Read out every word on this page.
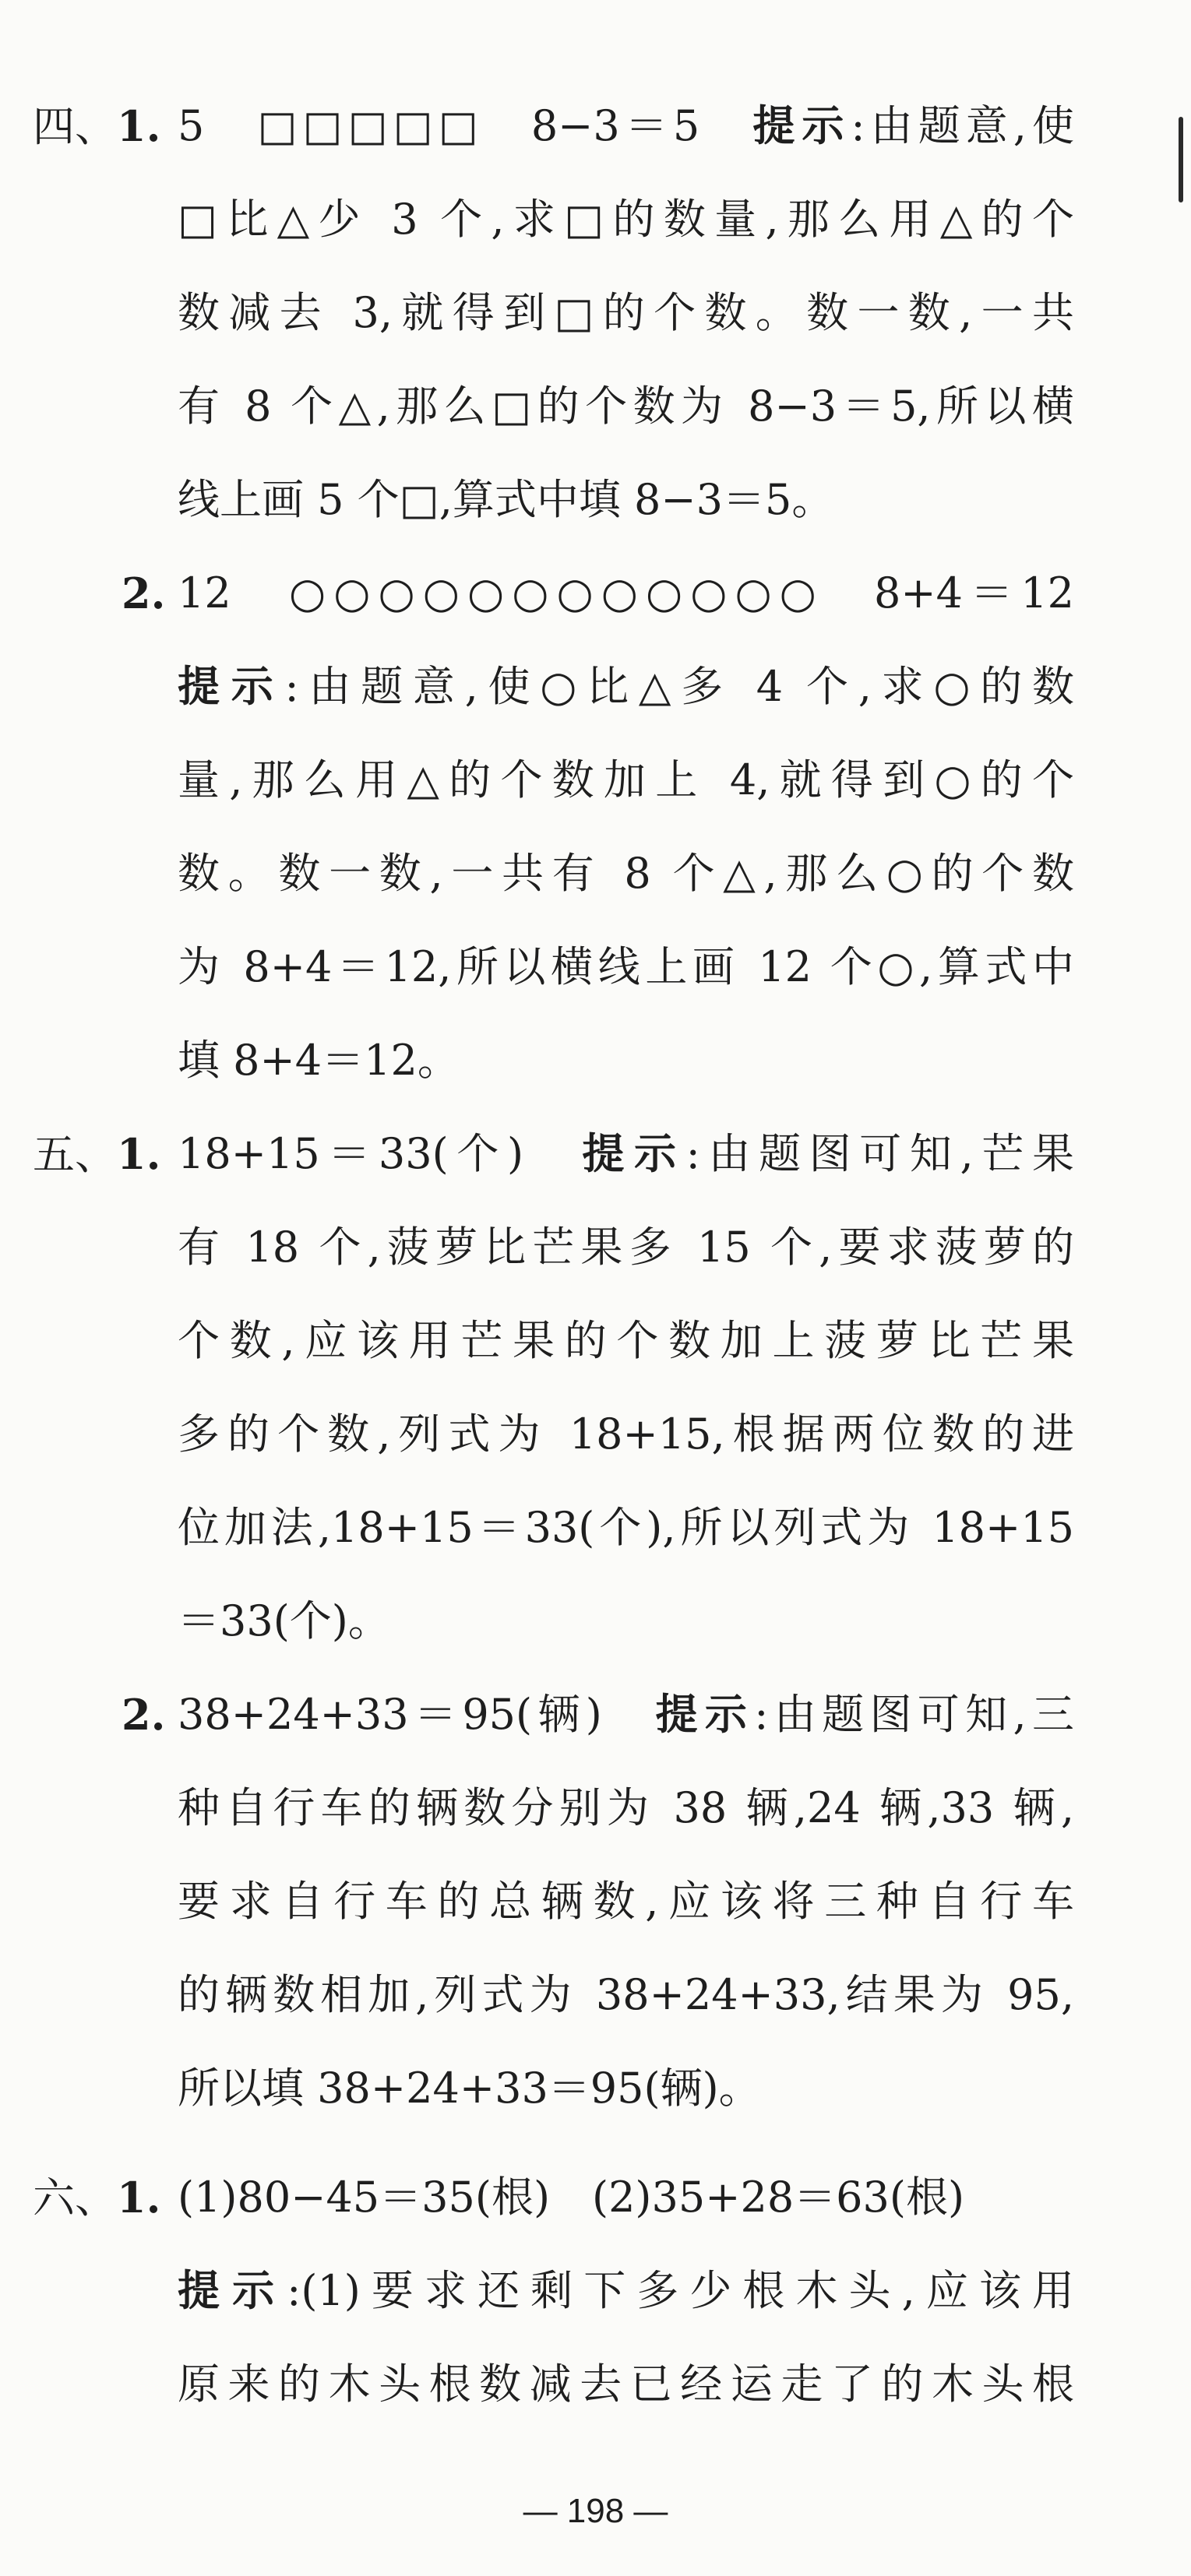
四、1. 5　□□□□□　8−3＝5　提示:由题意,使
□比△少 3 个,求□的数量,那么用△的个
数减去 3,就得到□的个数。数一数,一共
有 8 个△,那么□的个数为 8−3＝5,所以横
线上画 5 个□,算式中填 8−3＝5。
2. 12　○○○○○○○○○○○○　8+4＝12
提示:由题意,使○比△多 4 个,求○的数
量,那么用△的个数加上 4,就得到○的个
数。数一数,一共有 8 个△,那么○的个数
为 8+4＝12,所以横线上画 12 个○,算式中
填 8+4＝12。
五、1. 18+15＝33(个)　提示:由题图可知,芒果
有 18 个,菠萝比芒果多 15 个,要求菠萝的
个数,应该用芒果的个数加上菠萝比芒果
多的个数,列式为 18+15,根据两位数的进
位加法,18+15＝33(个),所以列式为 18+15
＝33(个)。
2. 38+24+33＝95(辆)　提示:由题图可知,三
种自行车的辆数分别为 38 辆,24 辆,33 辆,
要求自行车的总辆数,应该将三种自行车
的辆数相加,列式为 38+24+33,结果为 95,
所以填 38+24+33＝95(辆)。
六、1. (1)80−45＝35(根)　(2)35+28＝63(根)
提示:(1)要求还剩下多少根木头,应该用
原来的木头根数减去已经运走了的木头根
— 198 —
